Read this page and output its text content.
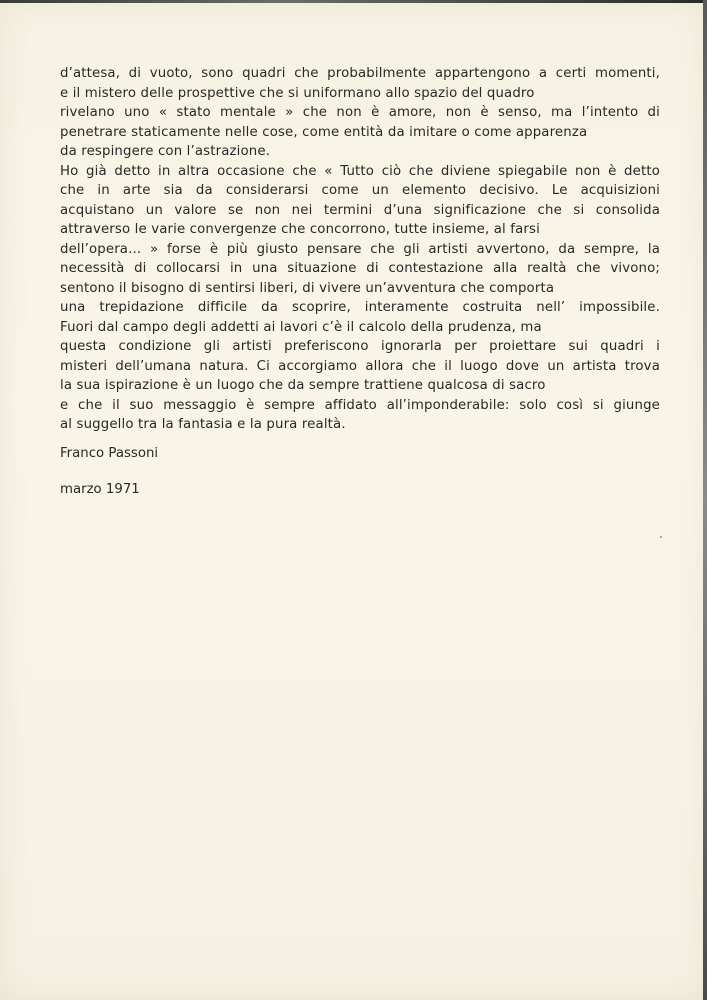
d’attesa, di vuoto, sono quadri che probabilmente appartengono a certi momenti,
e il mistero delle prospettive che si uniformano allo spazio del quadro
rivelano uno « stato mentale » che non è amore, non è senso, ma l’intento di
penetrare staticamente nelle cose, come entità da imitare o come apparenza
da respingere con l’astrazione.
Ho già detto in altra occasione che « Tutto ciò che diviene spiegabile non è detto
che in arte sia da considerarsi come un elemento decisivo. Le acquisizioni
acquistano un valore se non nei termini d’una significazione che si consolida
attraverso le varie convergenze che concorrono, tutte insieme, al farsi
dell’opera... » forse è più giusto pensare che gli artisti avvertono, da sempre, la
necessità di collocarsi in una situazione di contestazione alla realtà che vivono;
sentono il bisogno di sentirsi liberi, di vivere un’avventura che comporta
una trepidazione difficile da scoprire, interamente costruita nell’ impossibile.
Fuori dal campo degli addetti ai lavori c’è il calcolo della prudenza, ma
questa condizione gli artisti preferiscono ignorarla per proiettare sui quadri i
misteri dell’umana natura. Ci accorgiamo allora che il luogo dove un artista trova
la sua ispirazione è un luogo che da sempre trattiene qualcosa di sacro
e che il suo messaggio è sempre affidato all’imponderabile: solo così si giunge
al suggello tra la fantasia e la pura realtà.
Franco Passoni
marzo 1971
